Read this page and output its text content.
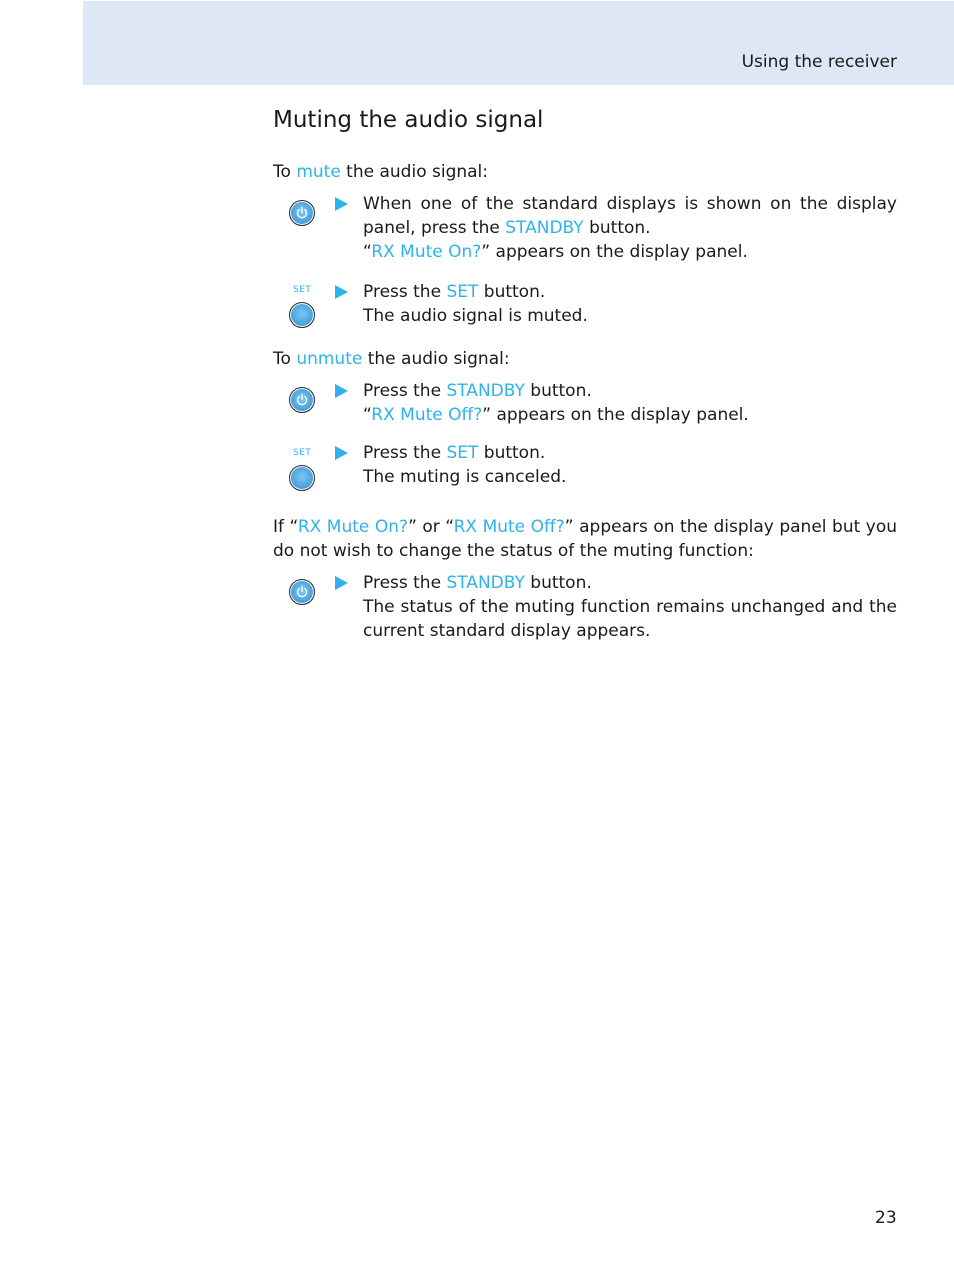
Using the receiver
Muting the audio signal

To mute the audio signal:

When one of the standard displays is shown on the display panel, press the STANDBY button.
“RX Mute On?” appears on the display panel.
SET	Press the SET button.
The audio signal is muted.

To unmute the audio signal:

Press the STANDBY button.
“RX Mute Off?” appears on the display panel.
SET	Press the SET button.
The muting is canceled.

If “RX Mute On?” or “RX Mute Off?” appears on the display panel but you do not wish to change the status of the muting function:

Press the STANDBY button.
The status of the muting function remains unchanged and the current standard display appears.
23
